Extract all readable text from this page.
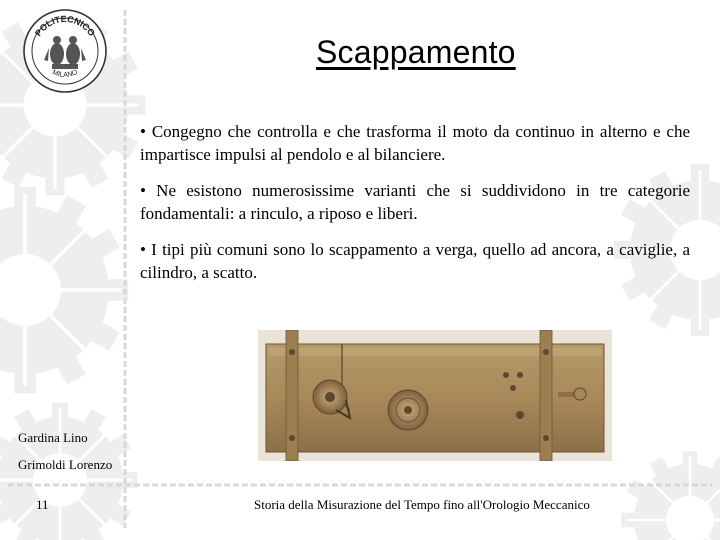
POLITECNICO
MILANO
Scappamento

• Congegno che controlla e che trasforma il moto da continuo in alterno e che impartisce impulsi al pendolo e al bilanciere.

• Ne esistono numerosissime varianti che si suddividono in tre categorie fondamentali: a rinculo, a riposo e liberi.

• I tipi più comuni sono lo scappamento a verga, quello ad ancora, a caviglie, a cilindro, a scatto.

Gardina Lino
Grimoldi Lorenzo
11	Storia della Misurazione del Tempo fino all'Orologio Meccanico
